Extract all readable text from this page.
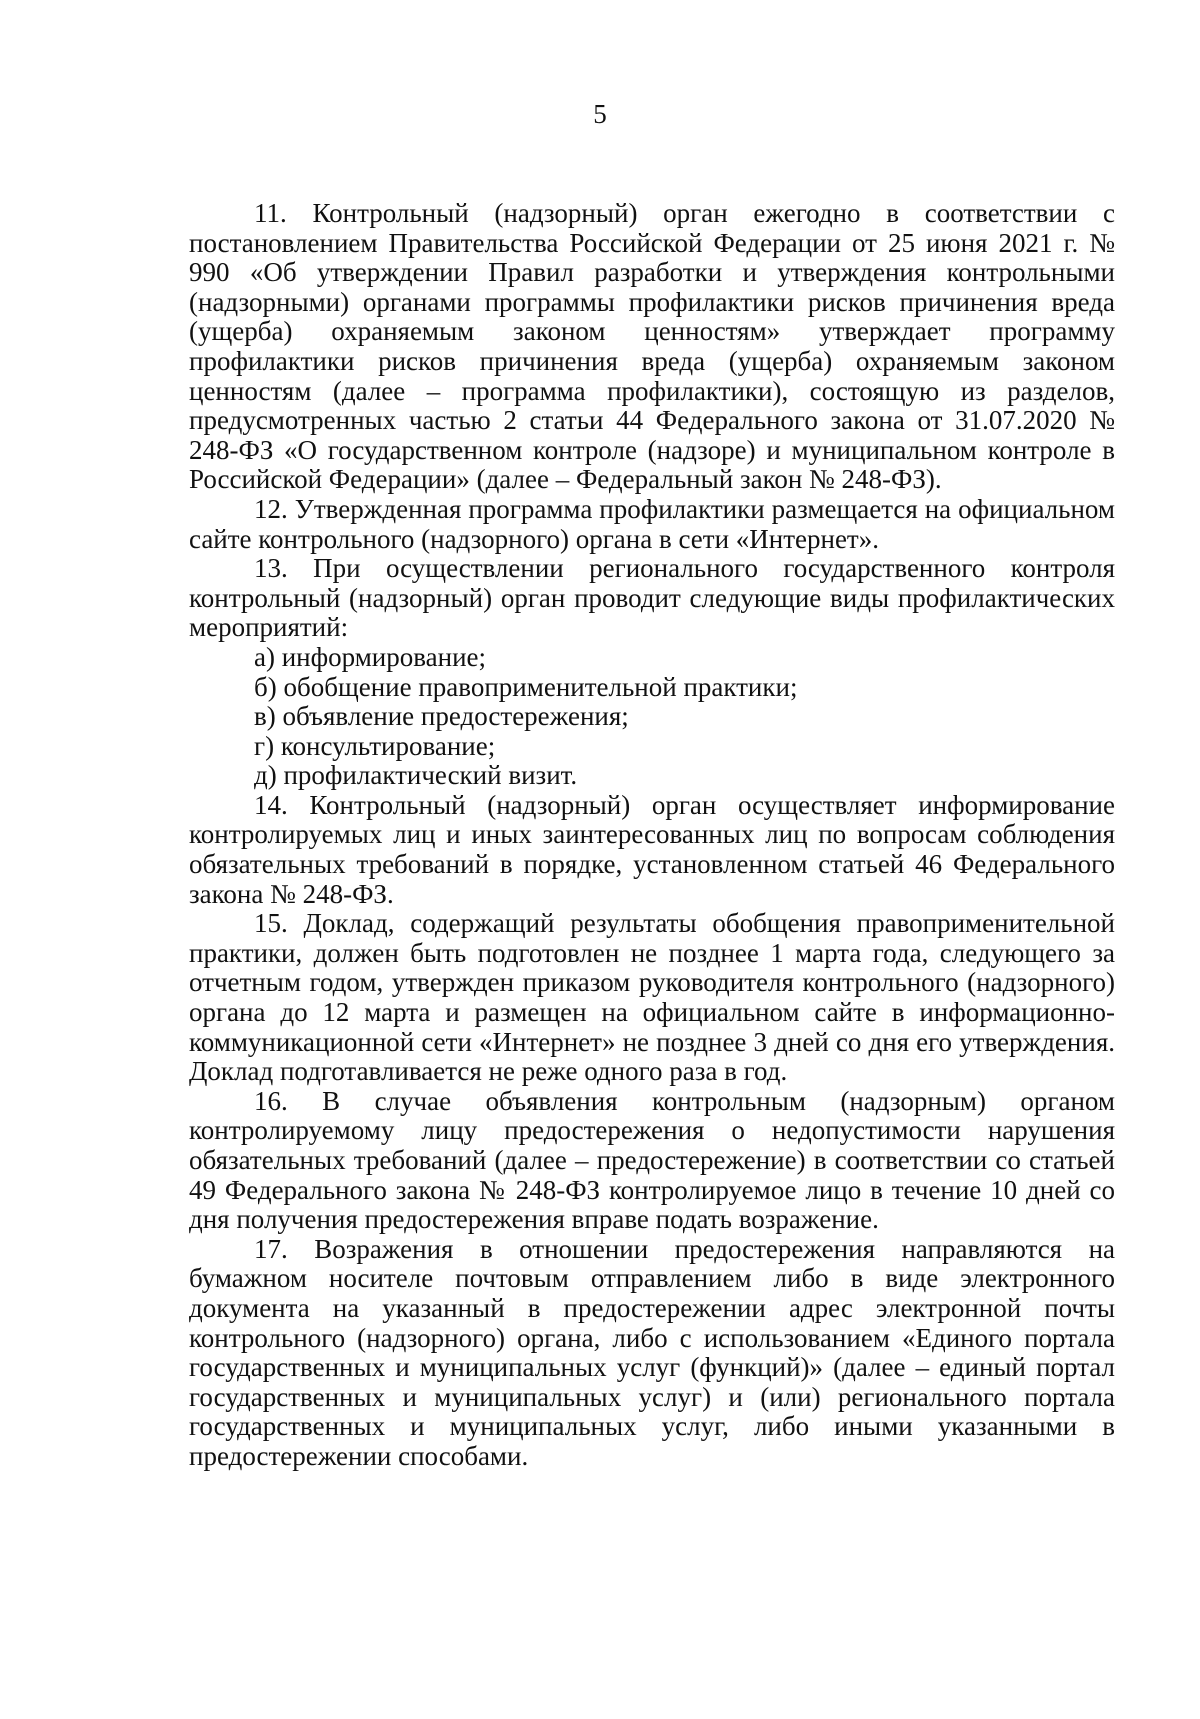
5

11. Контрольный (надзорный) орган ежегодно в соответствии с постановлением Правительства Российской Федерации от 25 июня 2021 г. № 990 «Об утверждении Правил разработки и утверждения контрольными (надзорными) органами программы профилактики рисков причинения вреда (ущерба) охраняемым законом ценностям» утверждает программу профилактики рисков причинения вреда (ущерба) охраняемым законом ценностям (далее – программа профилактики), состоящую из разделов, предусмотренных частью 2 статьи 44 Федерального закона от 31.07.2020 № 248-ФЗ «О государственном контроле (надзоре) и муниципальном контроле в Российской Федерации» (далее – Федеральный закон № 248-ФЗ).

12. Утвержденная программа профилактики размещается на официальном сайте контрольного (надзорного) органа в сети «Интернет».

13. При осуществлении регионального государственного контроля контрольный (надзорный) орган проводит следующие виды профилактических мероприятий:

а) информирование;

б) обобщение правоприменительной практики;

в) объявление предостережения;

г) консультирование;

д) профилактический визит.

14. Контрольный (надзорный) орган осуществляет информирование контролируемых лиц и иных заинтересованных лиц по вопросам соблюдения обязательных требований в порядке, установленном статьей 46 Федерального закона № 248-ФЗ.

15. Доклад, содержащий результаты обобщения правоприменительной практики, должен быть подготовлен не позднее 1 марта года, следующего за отчетным годом, утвержден приказом руководителя контрольного (надзорного) органа до 12 марта и размещен на официальном сайте в информационно-коммуникационной сети «Интернет» не позднее 3 дней со дня его утверждения. Доклад подготавливается не реже одного раза в год.

16. В случае объявления контрольным (надзорным) органом контролируемому лицу предостережения о недопустимости нарушения обязательных требований (далее – предостережение) в соответствии со статьей 49 Федерального закона № 248-ФЗ контролируемое лицо в течение 10 дней со дня получения предостережения вправе подать возражение.

17. Возражения в отношении предостережения направляются на бумажном носителе почтовым отправлением либо в виде электронного документа на указанный в предостережении адрес электронной почты контрольного (надзорного) органа, либо с использованием «Единого портала государственных и муниципальных услуг (функций)» (далее – единый портал государственных и муниципальных услуг) и (или) регионального портала государственных и муниципальных услуг, либо иными указанными в предостережении способами.
